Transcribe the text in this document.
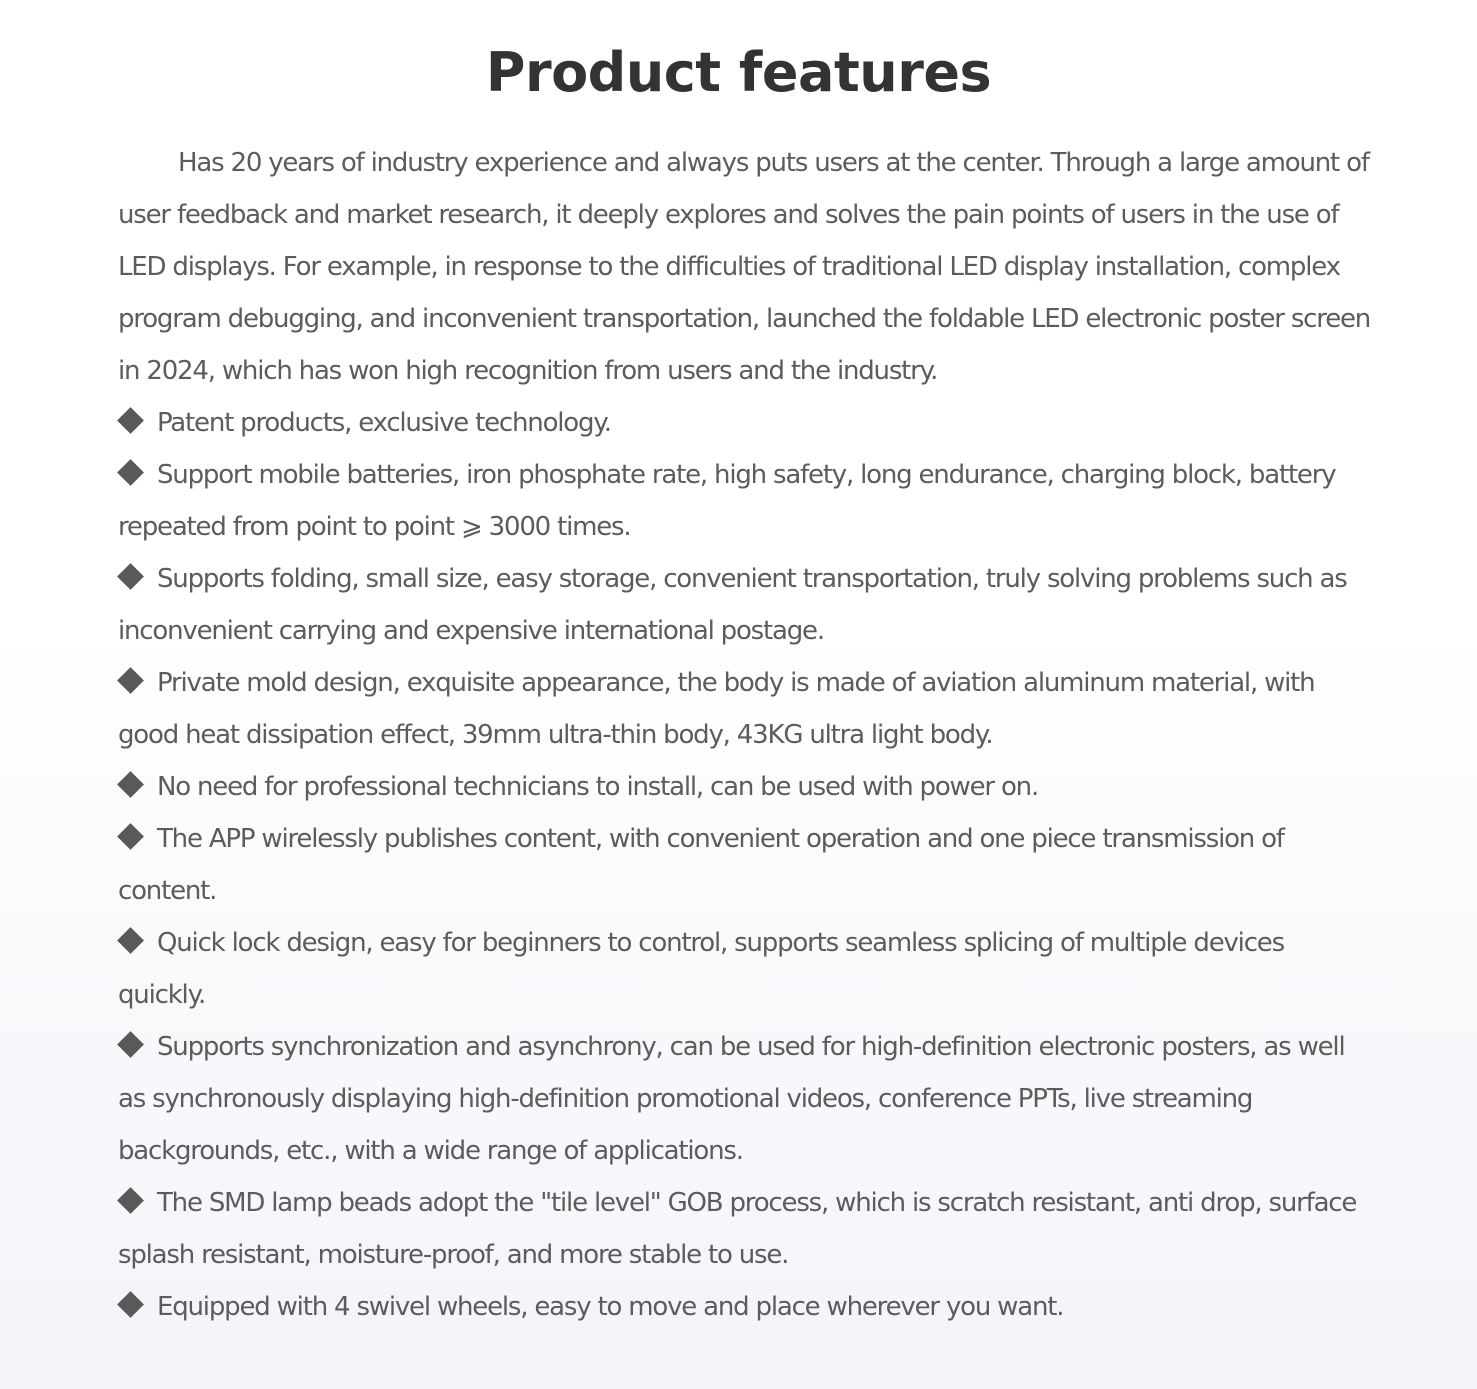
Product features

Has 20 years of industry experience and always puts users at the center. Through a large amount of user feedback and market research, it deeply explores and solves the pain points of users in the use of LED displays. For example, in response to the difficulties of traditional LED display installation, complex program debugging, and inconvenient transportation, launched the foldable LED electronic poster screen in 2024, which has won high recognition from users and the industry.

Patent products, exclusive technology.

Support mobile batteries, iron phosphate rate, high safety, long endurance, charging block, battery repeated from point to point ⩾ 3000 times.

Supports folding, small size, easy storage, convenient transportation, truly solving problems such as inconvenient carrying and expensive international postage.

Private mold design, exquisite appearance, the body is made of aviation aluminum material, with good heat dissipation effect, 39mm ultra-thin body, 43KG ultra light body.

No need for professional technicians to install, can be used with power on.

The APP wirelessly publishes content, with convenient operation and one piece transmission of content.

Quick lock design, easy for beginners to control, supports seamless splicing of multiple devices quickly.

Supports synchronization and asynchrony, can be used for high-definition electronic posters, as well as synchronously displaying high-definition promotional videos, conference PPTs, live streaming backgrounds, etc., with a wide range of applications.

The SMD lamp beads adopt the "tile level" GOB process, which is scratch resistant, anti drop, surface splash resistant, moisture-proof, and more stable to use.

Equipped with 4 swivel wheels, easy to move and place wherever you want.
